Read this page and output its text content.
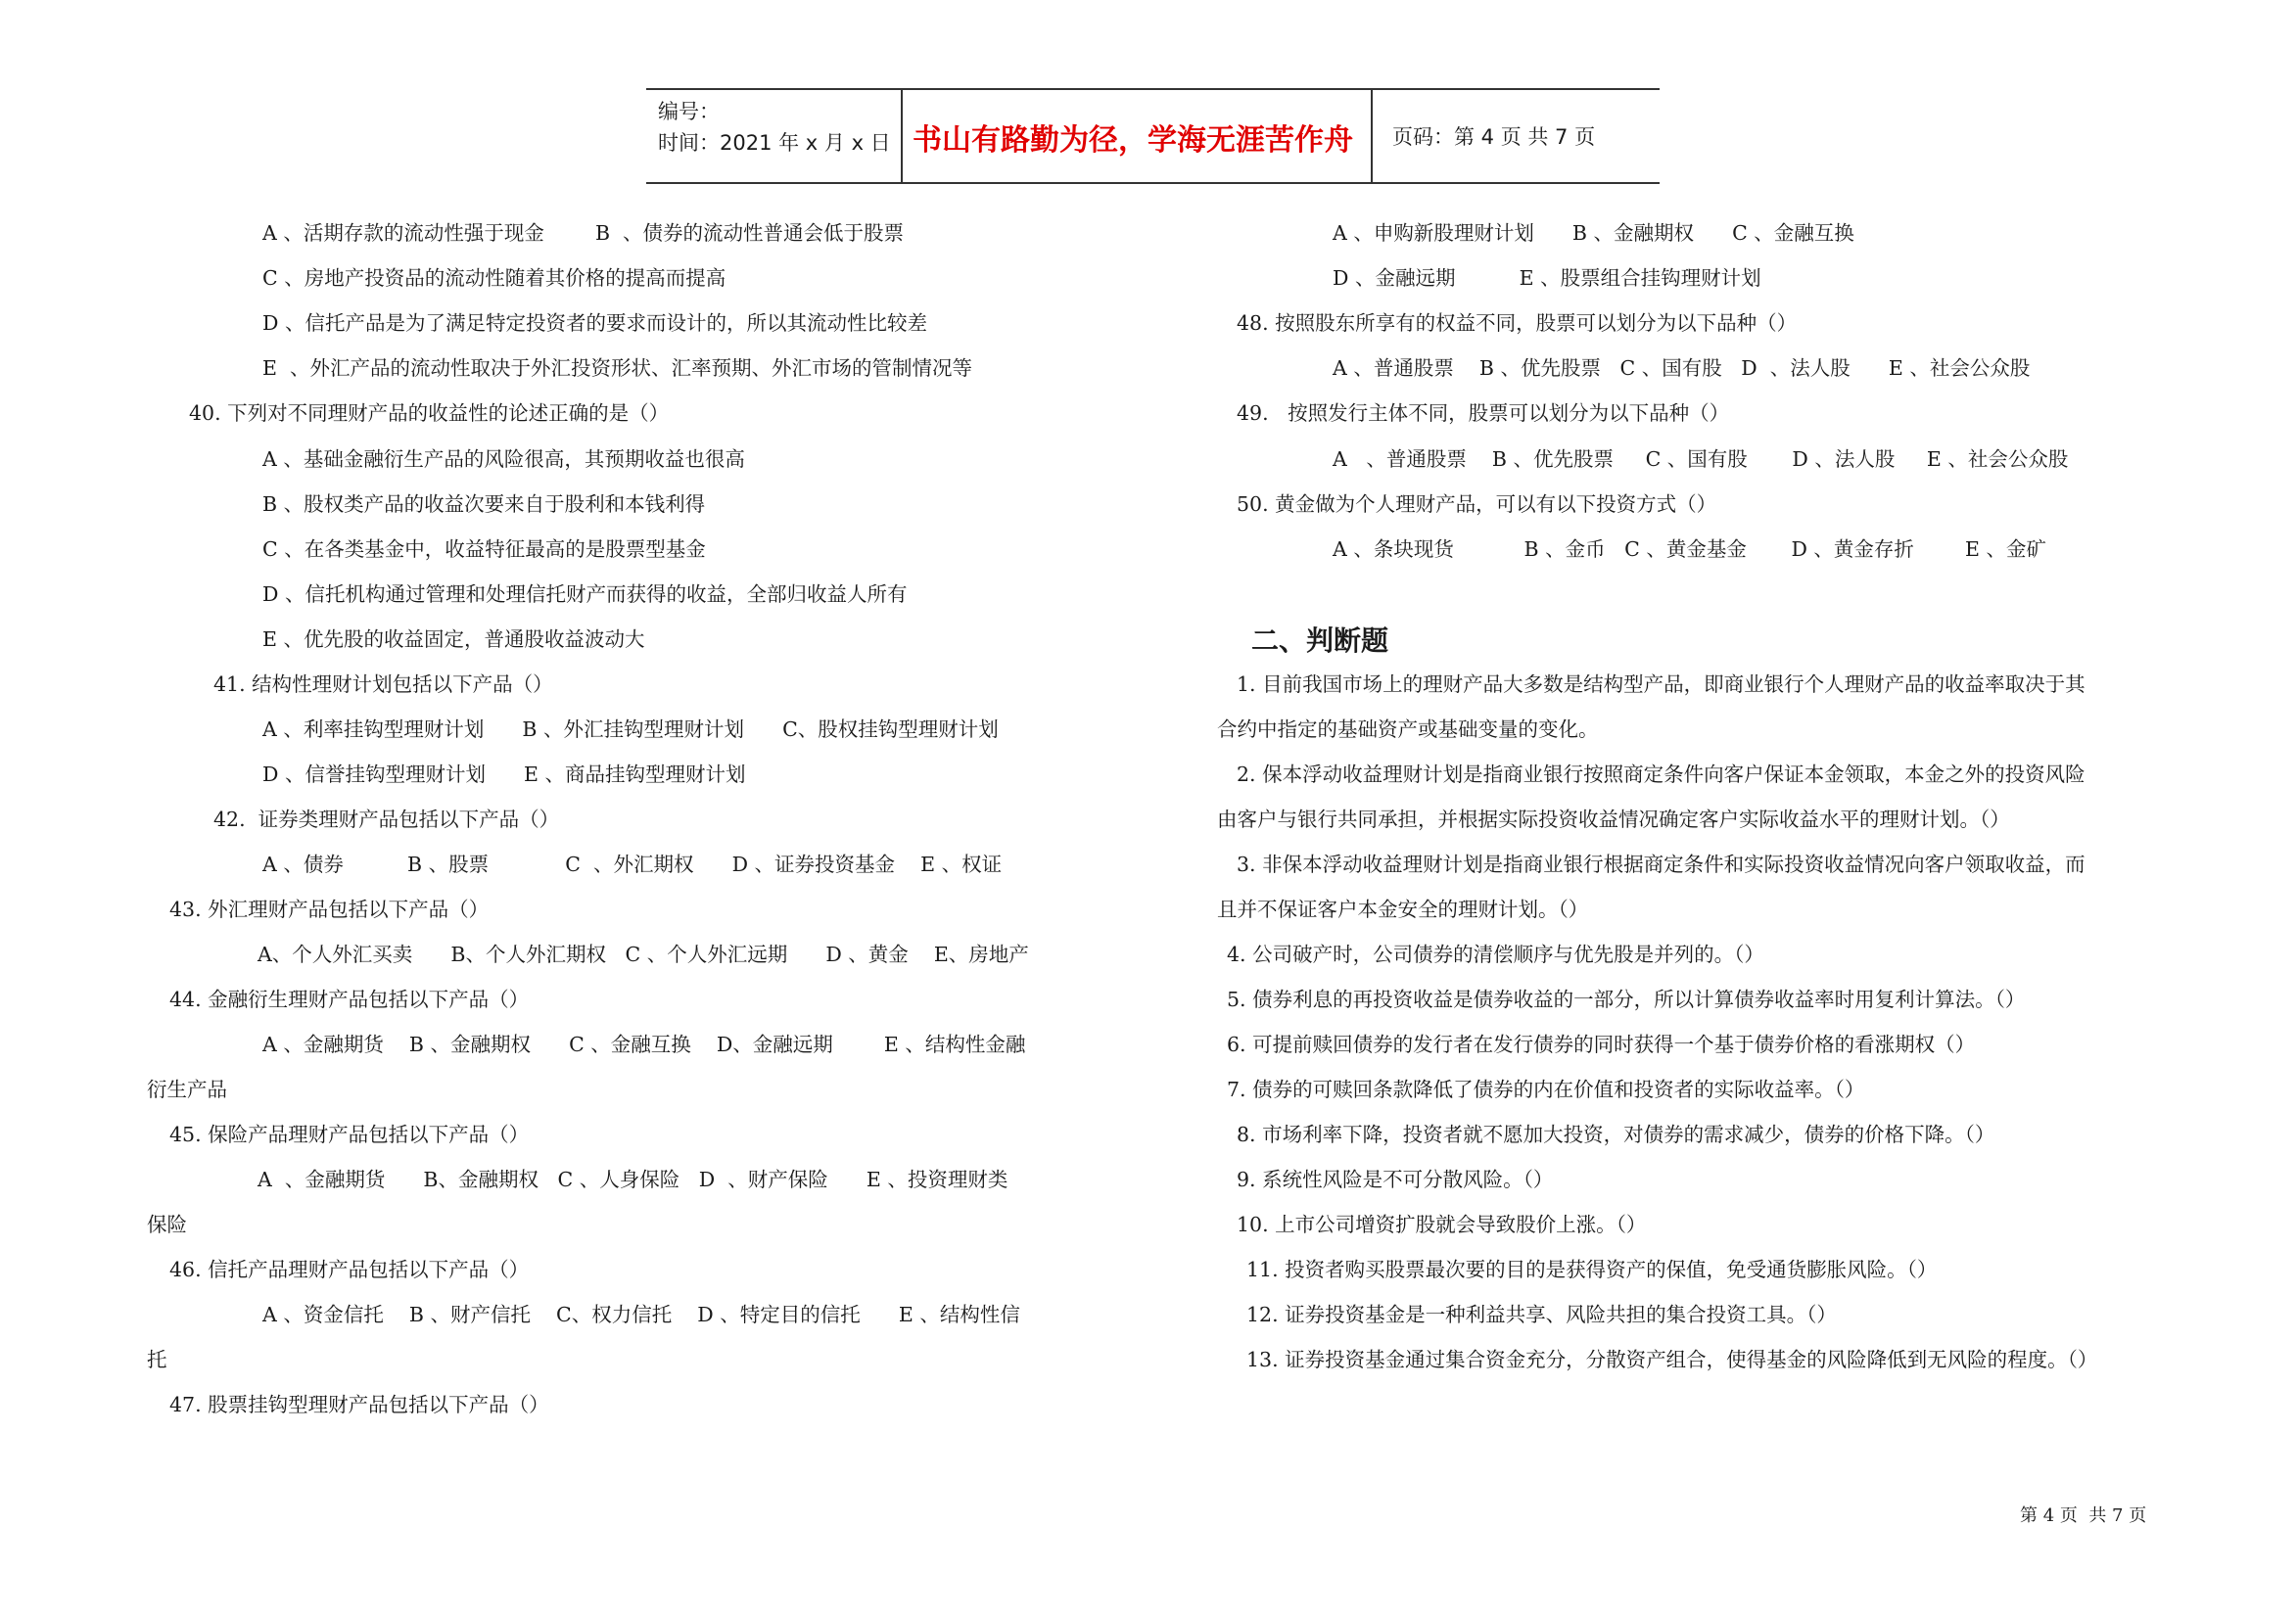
编号：
时间：2021 年 x 月 x 日 书山有路勤为径，学海无涯苦作舟	页码：第 4 页 共 7 页
A 、活期存款的流动性强于现金        B  、债券的流动性普通会低于股票
C 、房地产投资品的流动性随着其价格的提高而提高
D 、信托产品是为了满足特定投资者的要求而设计的，所以其流动性比较差
E  、外汇产品的流动性取决于外汇投资形状、汇率预期、外汇市场的管制情况等
40. 下列对不同理财产品的收益性的论述正确的是（）
A 、基础金融衍生产品的风险很高，其预期收益也很高
B 、股权类产品的收益次要来自于股利和本钱利得
C 、在各类基金中，收益特征最高的是股票型基金
D 、信托机构通过管理和处理信托财产而获得的收益，全部归收益人所有
E 、优先股的收益固定，普通股收益波动大
41. 结构性理财计划包括以下产品（）
A 、利率挂钩型理财计划      B 、外汇挂钩型理财计划      C、股权挂钩型理财计划
D 、信誉挂钩型理财计划      E 、商品挂钩型理财计划
42.  证券类理财产品包括以下产品（）
A 、债券          B 、股票            C  、外汇期权      D 、证券投资基金    E 、权证
43. 外汇理财产品包括以下产品（）
A、个人外汇买卖      B、个人外汇期权   C 、个人外汇远期      D 、黄金    E、房地产
44. 金融衍生理财产品包括以下产品（）
A 、金融期货    B 、金融期权      C 、金融互换    D、金融远期        E 、结构性金融
衍生产品
45. 保险产品理财产品包括以下产品（）
A  、金融期货      B、金融期权   C 、人身保险   D  、财产保险      E 、投资理财类
保险
46. 信托产品理财产品包括以下产品（）
A 、资金信托    B 、财产信托    C、权力信托    D 、特定目的信托      E 、结构性信
托
47. 股票挂钩型理财产品包括以下产品（）
A 、申购新股理财计划      B 、金融期权      C 、金融互换
D 、金融远期          E 、股票组合挂钩理财计划
48. 按照股东所享有的权益不同，股票可以划分为以下品种（）
A 、普通股票    B 、优先股票   C 、国有股   D  、法人股      E 、社会公众股
49.   按照发行主体不同，股票可以划分为以下品种（）
A   、普通股票    B 、优先股票     C 、国有股       D 、法人股     E 、社会公众股
50. 黄金做为个人理财产品，可以有以下投资方式（）
A 、条块现货           B 、金币   C 、黄金基金       D 、黄金存折        E 、金矿
二、判断题
1. 目前我国市场上的理财产品大多数是结构型产品，即商业银行个人理财产品的收益率取决于其
合约中指定的基础资产或基础变量的变化。
2. 保本浮动收益理财计划是指商业银行按照商定条件向客户保证本金领取，本金之外的投资风险
由客户与银行共同承担，并根据实际投资收益情况确定客户实际收益水平的理财计划。（）
3. 非保本浮动收益理财计划是指商业银行根据商定条件和实际投资收益情况向客户领取收益，而
且并不保证客户本金安全的理财计划。（）
4. 公司破产时，公司债券的清偿顺序与优先股是并列的。（）
5. 债券利息的再投资收益是债券收益的一部分，所以计算债券收益率时用复利计算法。（）
6. 可提前赎回债券的发行者在发行债券的同时获得一个基于债券价格的看涨期权（）
7. 债券的可赎回条款降低了债券的内在价值和投资者的实际收益率。（）
8. 市场利率下降，投资者就不愿加大投资，对债券的需求减少，债券的价格下降。（）
9. 系统性风险是不可分散风险。（）
10. 上市公司增资扩股就会导致股价上涨。（）
11. 投资者购买股票最次要的目的是获得资产的保值，免受通货膨胀风险。（）
12. 证券投资基金是一种利益共享、风险共担的集合投资工具。（）
13. 证券投资基金通过集合资金充分，分散资产组合，使得基金的风险降低到无风险的程度。（）
第 4 页  共 7 页
